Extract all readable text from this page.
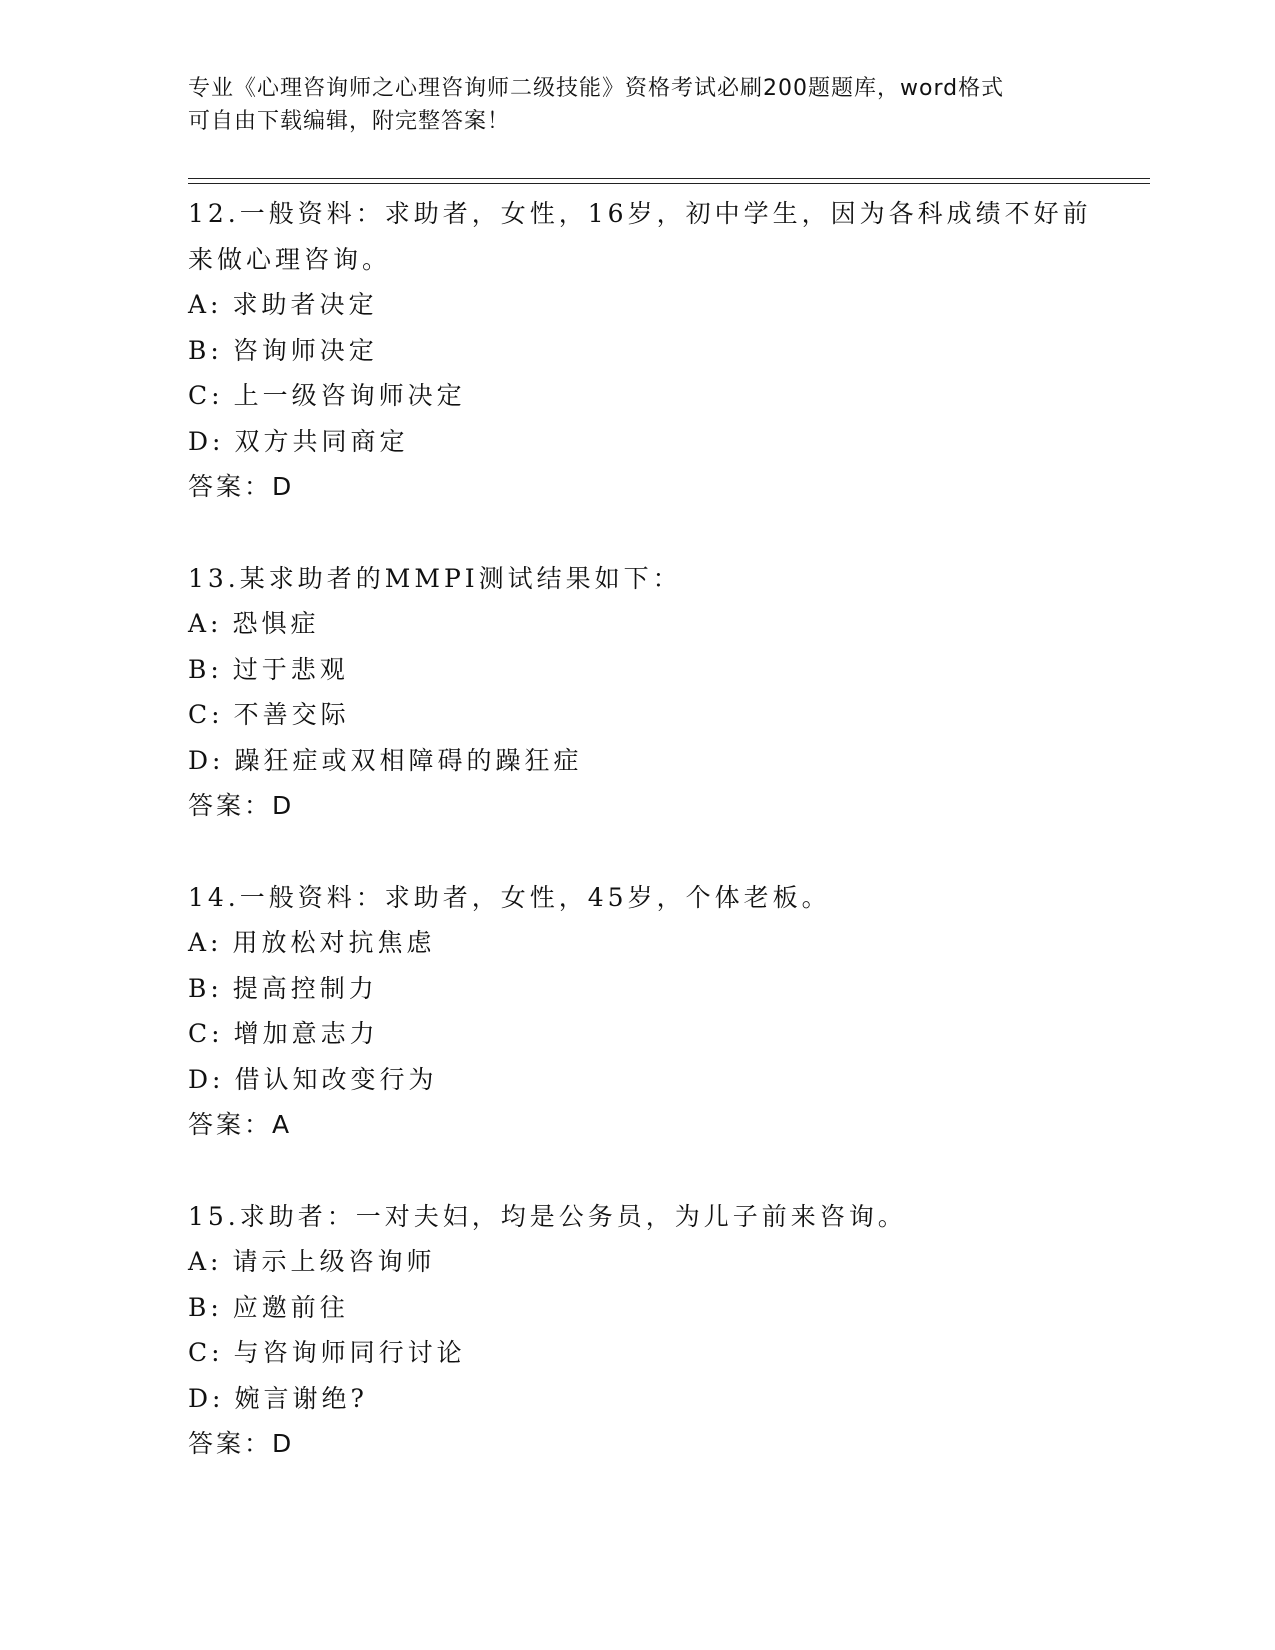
专业《心理咨询师之心理咨询师二级技能》资格考试必刷200题题库，word格式
可自由下载编辑，附完整答案！
12.一般资料：求助者，女性，16岁，初中学生，因为各科成绩不好前
来做心理咨询。
A: 求助者决定
B: 咨询师决定
C: 上一级咨询师决定
D: 双方共同商定
答案：D
13.某求助者的MMPI测试结果如下：
A: 恐惧症
B: 过于悲观
C: 不善交际
D: 躁狂症或双相障碍的躁狂症
答案：D
14.一般资料：求助者，女性，45岁，个体老板。
A: 用放松对抗焦虑
B: 提高控制力
C: 增加意志力
D: 借认知改变行为
答案：A
15.求助者：一对夫妇，均是公务员，为儿子前来咨询。
A: 请示上级咨询师
B: 应邀前往
C: 与咨询师同行讨论
D: 婉言谢绝?
答案：D
